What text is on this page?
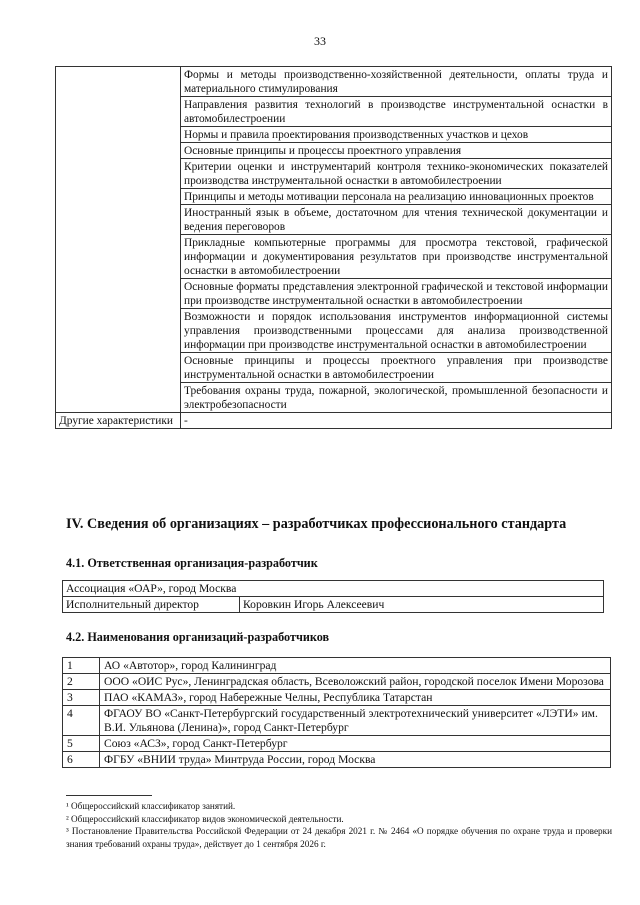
33
	Формы и методы производственно-хозяйственной деятельности, оплаты труда и материального стимулирования
	Направления развития технологий в производстве инструментальной оснастки в автомобилестроении
	Нормы и правила проектирования производственных участков и цехов
	Основные принципы и процессы проектного управления
	Критерии оценки и инструментарий контроля технико-экономических показателей производства инструментальной оснастки в автомобилестроении
	Принципы и методы мотивации персонала на реализацию инновационных проектов
	Иностранный язык в объеме, достаточном для чтения технической документации и ведения переговоров
	Прикладные компьютерные программы для просмотра текстовой, графической информации и документирования результатов при производстве инструментальной оснастки в автомобилестроении
	Основные форматы представления электронной графической и текстовой информации при производстве инструментальной оснастки в автомобилестроении
	Возможности и порядок использования инструментов информационной системы управления производственными процессами для анализа производственной информации при производстве инструментальной оснастки в автомобилестроении
	Основные принципы и процессы проектного управления при производстве инструментальной оснастки в автомобилестроении
	Требования охраны труда, пожарной, экологической, промышленной безопасности и электробезопасности
Другие характеристики	-
IV. Сведения об организациях – разработчиках профессионального стандарта
4.1. Ответственная организация-разработчик
Ассоциация «ОАР», город Москва
Исполнительный директор	Коровкин Игорь Алексеевич
4.2. Наименования организаций-разработчиков
1	АО «Автотор», город Калининград
2	ООО «ОИС Рус», Ленинградская область, Всеволожский район, городской поселок Имени Морозова
3	ПАО «КАМАЗ», город Набережные Челны, Республика Татарстан
4	ФГАОУ ВО «Санкт-Петербургский государственный электротехнический университет «ЛЭТИ» им. В.И. Ульянова (Ленина)», город Санкт-Петербург
5	Союз «АСЗ», город Санкт-Петербург
6	ФГБУ «ВНИИ труда» Минтруда России, город Москва
¹ Общероссийский классификатор занятий.
² Общероссийский классификатор видов экономической деятельности.
³ Постановление Правительства Российской Федерации от 24 декабря 2021 г. № 2464 «О порядке обучения по охране труда и проверки знания требований охраны труда», действует до 1 сентября 2026 г.
